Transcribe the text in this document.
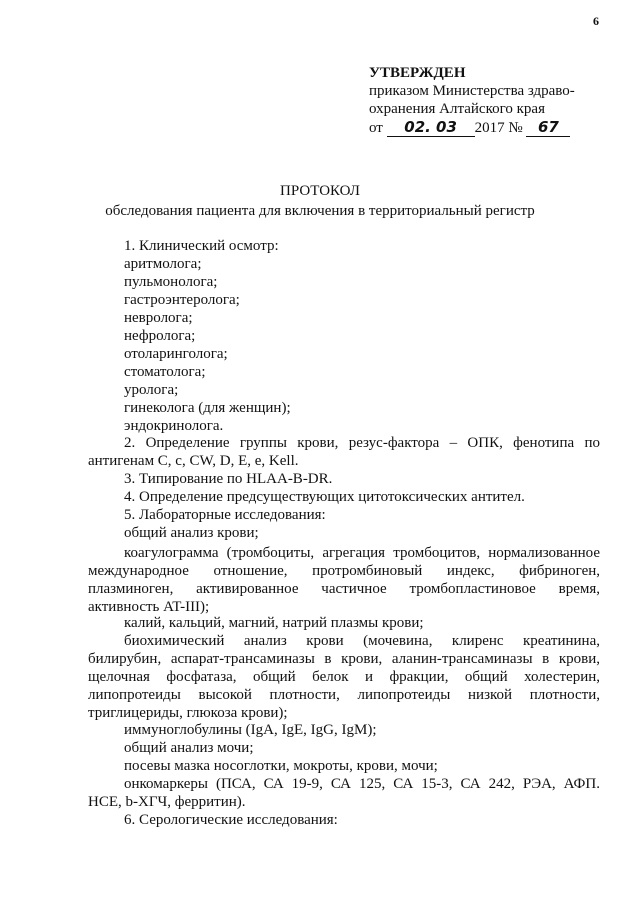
6
УТВЕРЖДЕН
приказом Министерства здраво-
охранения Алтайского края
от 02. 03 2017 № 67
ПРОТОКОЛ
обследования пациента для включения в территориальный регистр
1. Клинический осмотр:
аритмолога;
пульмонолога;
гастроэнтеролога;
невролога;
нефролога;
отоларинголога;
стоматолога;
уролога;
гинеколога (для женщин);
эндокринолога.
2. Определение группы крови, резус-фактора – ОПК, фенотипа по
антигенам C, c, CW, D, E, e, Kell.
3. Типирование по HLAA-B-DR.
4. Определение предсуществующих цитотоксических антител.
5. Лабораторные исследования:
общий анализ крови;
коагулограмма (тромбоциты, агрегация тромбоцитов, нормализованное
международное отношение, протромбиновый индекс, фибриноген,
плазминоген, активированное частичное тромбопластиновое время,
активность AT-III);
калий, кальций, магний, натрий плазмы крови;
биохимический анализ крови (мочевина, клиренс креатинина,
билирубин, аспарат-трансаминазы в крови, аланин-трансаминазы в крови,
щелочная фосфатаза, общий белок и фракции, общий холестерин,
липопротеиды высокой плотности, липопротеиды низкой плотности,
триглицериды, глюкоза крови);
иммуноглобулины (IgA, IgE, IgG, IgM);
общий анализ мочи;
посевы мазка носоглотки, мокроты, крови, мочи;
онкомаркеры (ПСА, СА 19-9, СА 125, СА 15-3, СА 242, РЭА, АФП.
НСЕ, b-ХГЧ, ферритин).
6. Серологические исследования:
